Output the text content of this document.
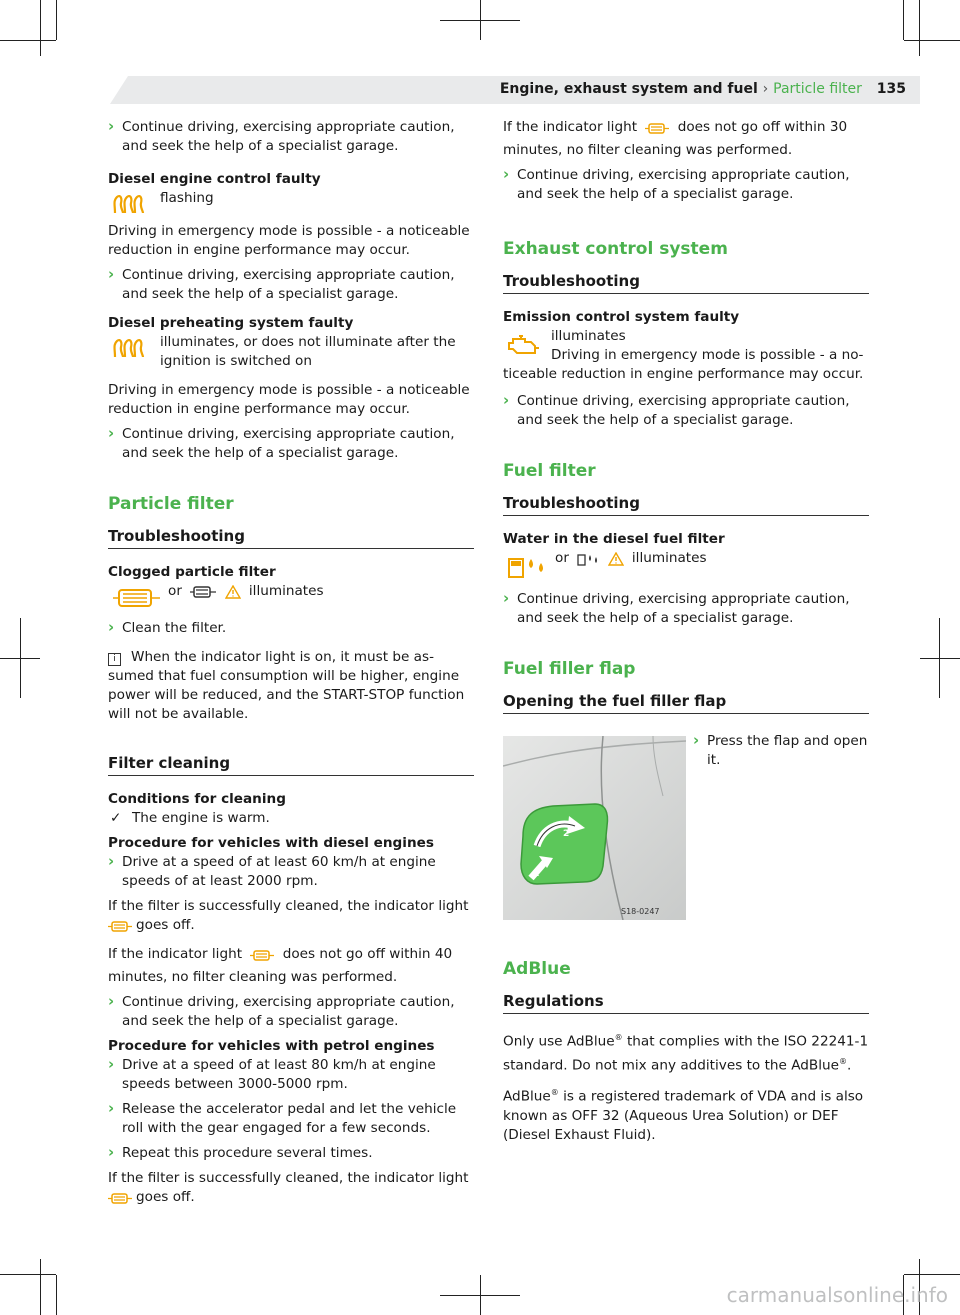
Engine, exhaust system and fuel › Particle filter 135
› Continue driving, exercising appropriate caution, and seek the help of a specialist garage.
Diesel engine control faulty
flashing

Driving in emergency mode is possible - a noticeable reduction in engine performance may occur.

› Continue driving, exercising appropriate caution, and seek the help of a specialist garage.
Diesel preheating system faulty
illuminates, or does not illuminate after the ignition is switched on

Driving in emergency mode is possible - a noticeable reduction in engine performance may occur.

› Continue driving, exercising appropriate caution, and seek the help of a specialist garage.
Particle filter
Troubleshooting
Clogged particle filter
or	illuminates
› Clean the filter.

i When the indicator light is on, it must be assumed that fuel consumption will be higher, engine power will be reduced, and the START-STOP function will not be available.

Filter cleaning
Conditions for cleaning
✓ The engine is warm.
Procedure for vehicles with diesel engines
› Drive at a speed of at least 60 km/h at engine speeds of at least 2000 rpm.

If the filter is successfully cleaned, the indicator light
goes off.

If the indicator light	does not go off within 40 minutes, no filter cleaning was performed.

› Continue driving, exercising appropriate caution, and seek the help of a specialist garage.
Procedure for vehicles with petrol engines
› Drive at a speed of at least 80 km/h at engine speeds between 3000-5000 rpm.
› Release the accelerator pedal and let the vehicle roll with the gear engaged for a few seconds.
› Repeat this procedure several times.

If the filter is successfully cleaned, the indicator light
goes off.

If the indicator light	does not go off within 30 minutes, no filter cleaning was performed.

› Continue driving, exercising appropriate caution, and seek the help of a specialist garage.
Exhaust control system
Troubleshooting
Emission control system faulty
illuminates

Driving in emergency mode is possible - a noticeable reduction in engine performance may occur.

› Continue driving, exercising appropriate caution, and seek the help of a specialist garage.
Fuel filter
Troubleshooting
Water in the diesel fuel filter
or	illuminates
› Continue driving, exercising appropriate caution, and seek the help of a specialist garage.
Fuel filler flap
Opening the fuel filler flap
2
1
S18-0247
› Press the flap and open it.
AdBlue
Regulations

Only use AdBlue® that complies with the ISO 22241-1 standard. Do not mix any additives to the AdBlue®.

AdBlue® is a registered trademark of VDA and is also known as OFF 32 (Aqueous Urea Solution) or DEF (Diesel Exhaust Fluid).

carmanualsonline.info
